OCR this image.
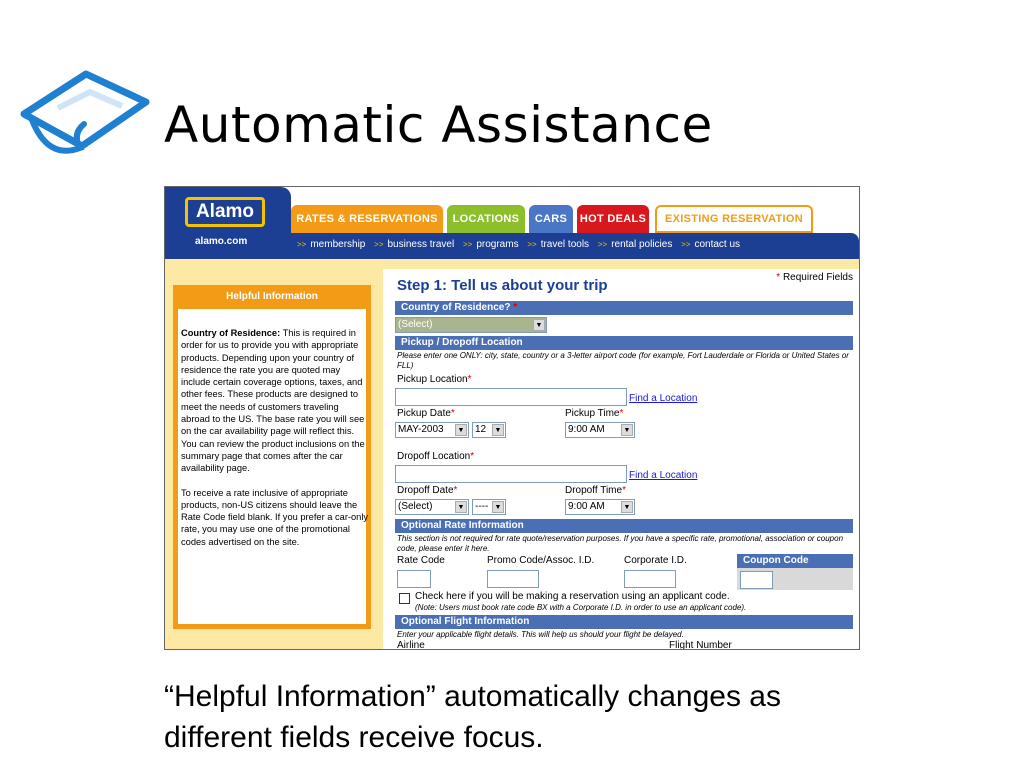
Automatic Assistance
Alamo
alamo.com
RATES & RESERVATIONS	LOCATIONS	CARS	HOT DEALS	EXISTING RESERVATION
>> membership >> business travel >> programs >> travel tools >> rental policies >> contact us
Helpful Information

Country of Residence: This is required in order for us to provide you with appropriate products. Depending upon your country of residence the rate you are quoted may include certain coverage options, taxes, and other fees. These products are designed to meet the needs of customers traveling abroad to the US. The base rate you will see on the car availability page will reflect this. You can review the product inclusions on the summary page that comes after the car availability page.

To receive a rate inclusive of appropriate products, non-US citizens should leave the Rate Code field blank. If you prefer a car-only rate, you may use one of the promotional codes advertised on the site.

Step 1: Tell us about your trip	* Required Fields
Country of Residence? *
(Select)	▼
Pickup / Dropoff Location
Please enter one ONLY: city, state, country or a 3-letter airport code (for example, Fort Lauderdale or Florida or United States or FLL)
Pickup Location*
Find a Location
Pickup Date*
MAY-2003	▼	12	▼
Pickup Time*
9:00 AM	▼
Dropoff Location*
Find a Location
Dropoff Date*
(Select)	▼	---- ▼
Dropoff Time*
9:00 AM	▼
Optional Rate Information
This section is not required for rate quote/reservation purposes. If you have a specific rate, promotional, association or coupon code, please enter it here.
Rate Code	Promo Code/Assoc. I.D.	Corporate I.D.	Coupon Code
Check here if you will be making a reservation using an applicant code.
(Note: Users must book rate code BX with a Corporate I.D. in order to use an applicant code).
Optional Flight Information
Enter your applicable flight details. This will help us should your flight be delayed.
Airline	Flight Number
“Helpful Information” automatically changes as different fields receive focus.
